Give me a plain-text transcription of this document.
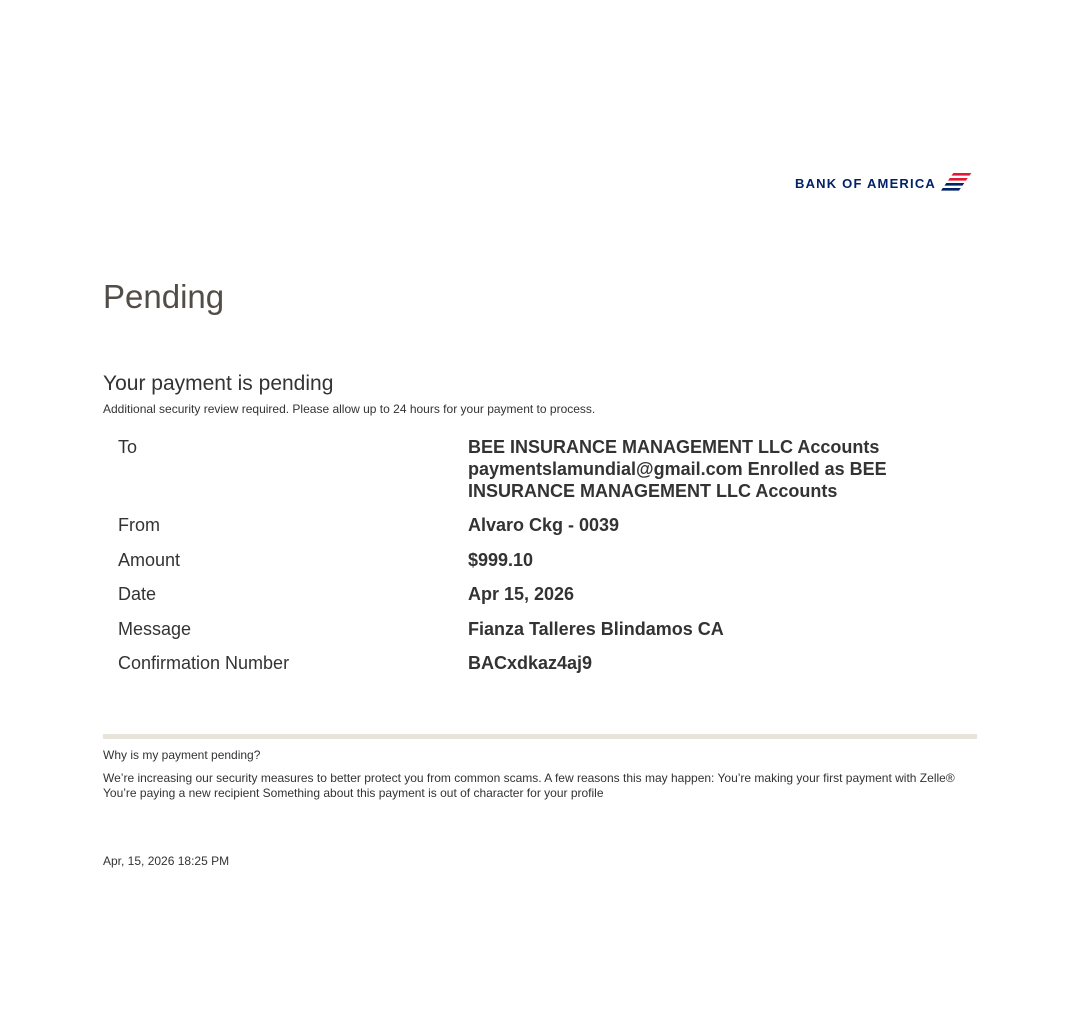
BANK OF AMERICA
Pending
Your payment is pending
Additional security review required. Please allow up to 24 hours for your payment to process.
To	BEE INSURANCE MANAGEMENT LLC Accounts paymentslamundial@gmail.com Enrolled as BEE INSURANCE MANAGEMENT LLC Accounts
From	Alvaro Ckg - 0039
Amount	$999.10
Date	Apr 15, 2026
Message	Fianza Talleres Blindamos CA
Confirmation Number	BACxdkaz4aj9
Why is my payment pending?

We’re increasing our security measures to better protect you from common scams. A few reasons this may happen: You’re making your first payment with Zelle® You’re paying a new recipient Something about this payment is out of character for your profile

Apr, 15, 2026 18:25 PM
